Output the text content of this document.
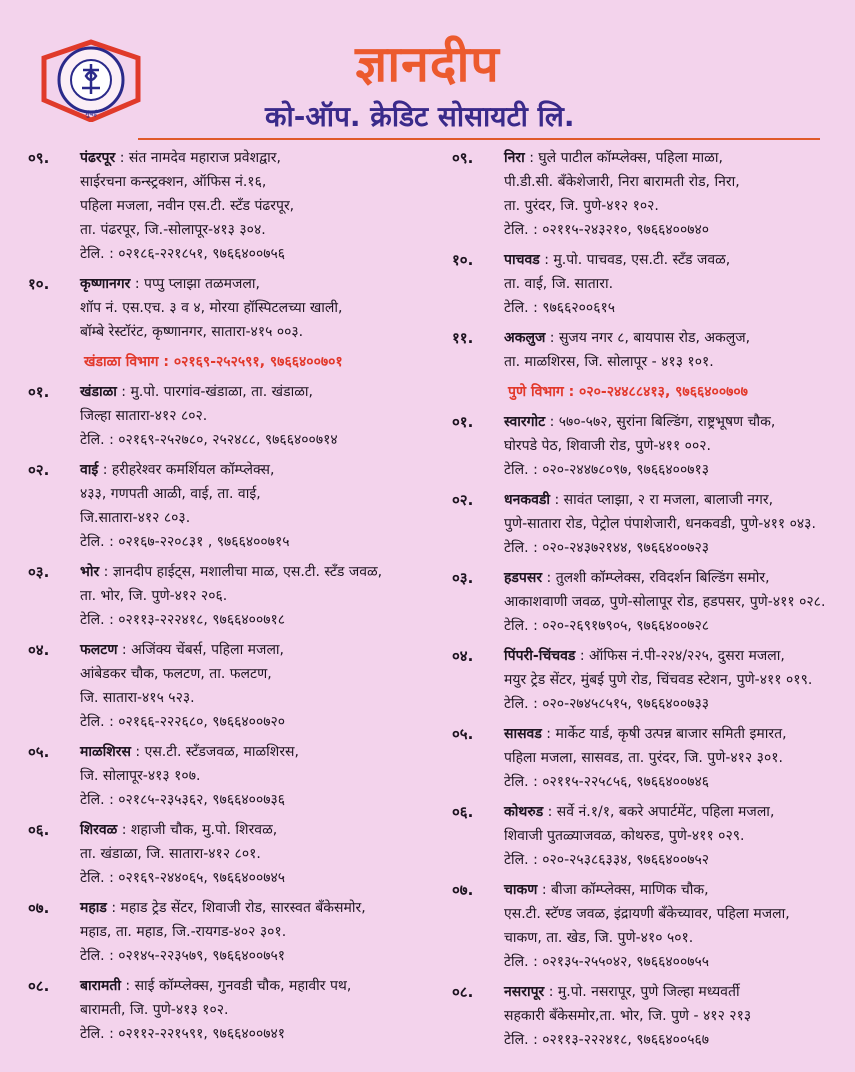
मुंबई
ज्ञानदीप
को-ऑप. क्रेडिट सोसायटी लि.
०९.	पंढरपूर : संत नामदेव महाराज प्रवेशद्वार,
साईरचना कन्स्ट्रक्शन, ऑफिस नं.१६,
पहिला मजला, नवीन एस.टी. स्टँड पंढरपूर,
ता. पंढरपूर, जि.-सोलापूर-४१३ ३०४.
टेलि. : ०२१८६-२२१८५१, ९७६६४००७५६
१०.	कृष्णानगर : पप्पु प्लाझा तळमजला,
शॉप नं. एस.एच. ३ व ४, मोरया हॉस्पिटलच्या खाली,
बॉम्बे रेस्टॉरंट, कृष्णानगर, सातारा-४१५ ००३.
खंडाळा विभाग : ०२१६९-२५२५९१, ९७६६४००७०१
०१.	खंडाळा : मु.पो. पारगांव-खंडाळा, ता. खंडाळा,
जिल्हा सातारा-४१२ ८०२.
टेलि. : ०२१६९-२५२७८०, २५२४८८, ९७६६४००७१४
०२.	वाई : हरीहरेश्वर कमर्शियल कॉम्प्लेक्स,
४३३, गणपती आळी, वाई, ता. वाई,
जि.सातारा-४१२ ८०३.
टेलि. : ०२१६७-२२०८३१ , ९७६६४००७१५
०३.	भोर : ज्ञानदीप हाईट्स, मशालीचा माळ, एस.टी. स्टँड जवळ,
ता. भोर, जि. पुणे-४१२ २०६.
टेलि. : ०२११३-२२२४१८, ९७६६४००७१८
०४.	फलटण : अजिंक्य चेंबर्स, पहिला मजला,
आंबेडकर चौक, फलटण, ता. फलटण,
जि. सातारा-४१५ ५२३.
टेलि. : ०२१६६-२२२६८०, ९७६६४००७२०
०५.	माळशिरस : एस.टी. स्टँडजवळ, माळशिरस,
जि. सोलापूर-४१३ १०७.
टेलि. : ०२१८५-२३५३६२, ९७६६४००७३६
०६.	शिरवळ : शहाजी चौक, मु.पो. शिरवळ,
ता. खंडाळा, जि. सातारा-४१२ ८०१.
टेलि. : ०२१६९-२४४०६५, ९७६६४००७४५
०७.	महाड : महाड ट्रेड सेंटर, शिवाजी रोड, सारस्वत बँकेसमोर,
महाड, ता. महाड, जि.-रायगड-४०२ ३०१.
टेलि. : ०२१४५-२२३५७९, ९७६६४००७५१
०८.	बारामती : साई कॉम्प्लेक्स, गुनवडी चौक, महावीर पथ,
बारामती, जि. पुणे-४१३ १०२.
टेलि. : ०२११२-२२१५९१, ९७६६४००७४१
०९.	निरा : घुले पाटील कॉम्प्लेक्स, पहिला माळा,
पी.डी.सी. बँकेशेजारी, निरा बारामती रोड, निरा,
ता. पुरंदर, जि. पुणे-४१२ १०२.
टेलि. : ०२११५-२४३२१०, ९७६६४००७४०
१०.	पाचवड : मु.पो. पाचवड, एस.टी. स्टँड जवळ,
ता. वाई, जि. सातारा.
टेलि. : ९७६६२००६१५
११.	अकलुज : सुजय नगर ८, बायपास रोड, अकलुज,
ता. माळशिरस, जि. सोलापूर - ४१३ १०१.
पुणे विभाग : ०२०-२४४८८४१३, ९७६६४००७०७
०१.	स्वारगोट : ५७०-५७२, सुरांना बिल्डिंग, राष्ट्रभूषण चौक,
घोरपडे पेठ, शिवाजी रोड, पुणे-४११ ००२.
टेलि. : ०२०-२४४७८०९७, ९७६६४००७१३
०२.	धनकवडी : सावंत प्लाझा, २ रा मजला, बालाजी नगर,
पुणे-सातारा रोड, पेट्रोल पंपाशेजारी, धनकवडी, पुणे-४११ ०४३.
टेलि. : ०२०-२४३७२१४४, ९७६६४००७२३
०३.	हडपसर : तुलशी कॉम्प्लेक्स, रविदर्शन बिल्डिंग समोर,
आकाशवाणी जवळ, पुणे-सोलापूर रोड, हडपसर, पुणे-४११ ०२८.
टेलि. : ०२०-२६९१७९०५, ९७६६४००७२८
०४.	पिंपरी-चिंचवड : ऑफिस नं.पी-२२४/२२५, दुसरा मजला,
मयुर ट्रेड सेंटर, मुंबई पुणे रोड, चिंचवड स्टेशन, पुणे-४११ ०१९.
टेलि. : ०२०-२७४५८५१५, ९७६६४००७३३
०५.	सासवड : मार्केट यार्ड, कृषी उत्पन्न बाजार समिती इमारत,
पहिला मजला, सासवड, ता. पुरंदर, जि. पुणे-४१२ ३०१.
टेलि. : ०२११५-२२५८५६, ९७६६४००७४६
०६.	कोथरुड : सर्वे नं.१/१, बकरे अपार्टमेंट, पहिला मजला,
शिवाजी पुतळ्याजवळ, कोथरुड, पुणे-४११ ०२९.
टेलि. : ०२०-२५३८६३३४, ९७६६४००७५२
०७.	चाकण : बीजा कॉम्प्लेक्स, माणिक चौक,
एस.टी. स्टॅण्ड जवळ, इंद्रायणी बँकेच्यावर, पहिला मजला,
चाकण, ता. खेड, जि. पुणे-४१० ५०१.
टेलि. : ०२१३५-२५५०४२, ९७६६४००७५५
०८.	नसरापूर : मु.पो. नसरापूर, पुणे जिल्हा मध्यवर्ती
सहकारी बँकेसमोर,ता. भोर, जि. पुणे - ४१२ २१३
टेलि. : ०२११३-२२२४१८, ९७६६४००५६७
